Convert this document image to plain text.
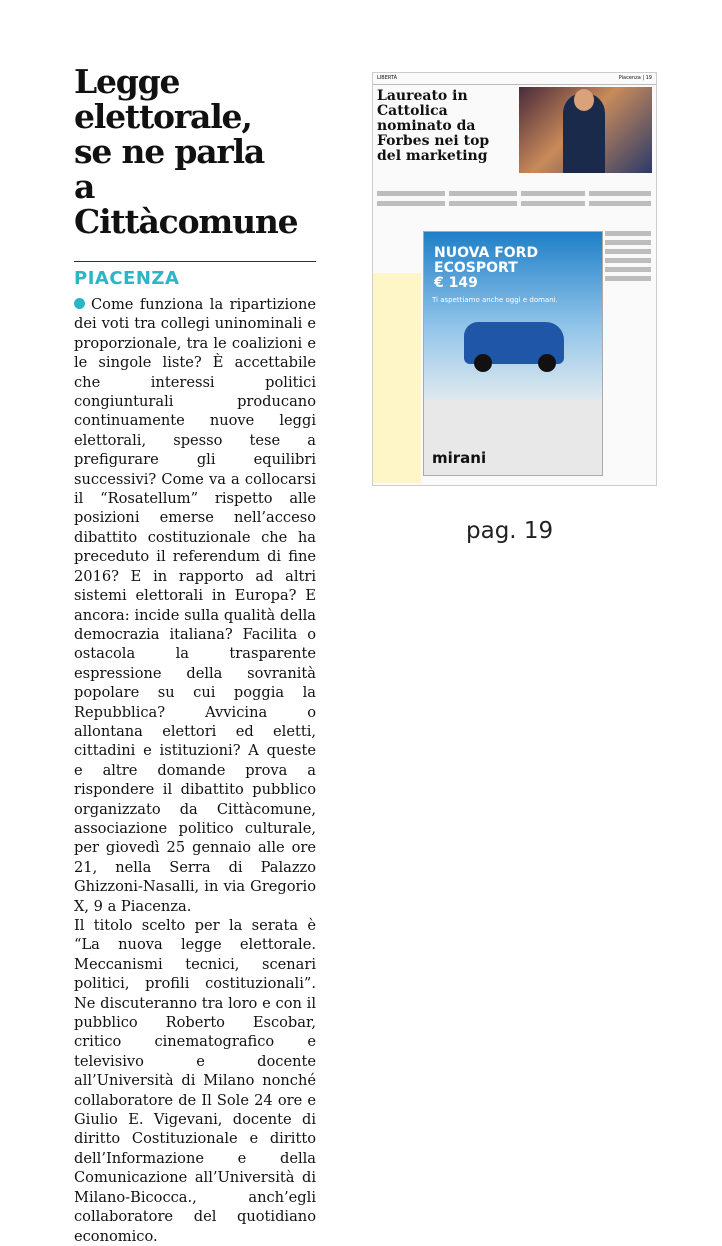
Legge elettorale,
se ne parla
a Cittàcomune
PIACENZA

Come funziona la ripartizione dei voti tra collegi uninominali e proporzionale, tra le coalizioni e le singole liste? È accettabile che interessi politici congiunturali producano continuamente nuove leggi elettorali, spesso tese a prefigurare gli equilibri successivi? Come va a collocarsi il “Rosatellum” rispetto alle posizioni emerse nell’acceso dibattito costituzionale che ha preceduto il referendum di fine 2016? E in rapporto ad altri sistemi elettorali in Europa? E ancora: incide sulla qualità della democrazia italiana? Facilita o ostacola la trasparente espressione della sovranità popolare su cui poggia la Repubblica? Avvicina o allontana elettori ed eletti, cittadini e istituzioni? A queste e altre domande prova a rispondere il dibattito pubblico organizzato da Cittàcomune, associazione politico culturale, per giovedì 25 gennaio alle ore 21, nella Serra di Palazzo Ghizzoni-Nasalli, in via Gregorio X, 9 a Piacenza.

Il titolo scelto per la serata è “La nuova legge elettorale. Meccanismi tecnici, scenari politici, profili costituzionali”. Ne discuteranno tra loro e con il pubblico Roberto Escobar, critico cinematografico e televisivo e docente all’Università di Milano nonché collaboratore de Il Sole 24 ore e Giulio E. Vigevani, docente di diritto Costituzionale e diritto dell’Informazione e della Comunicazione all’Università di Milano-Bicocca., anch’egli collaboratore del quotidiano economico.

LIBERTÀ	Piacenza | 19
Laureato in Cattolica nominato da Forbes nei top del marketing
NUOVA FORD
ECOSPORT
€ 149
Ti aspettiamo anche oggi e domani.
mirani
pag. 19
